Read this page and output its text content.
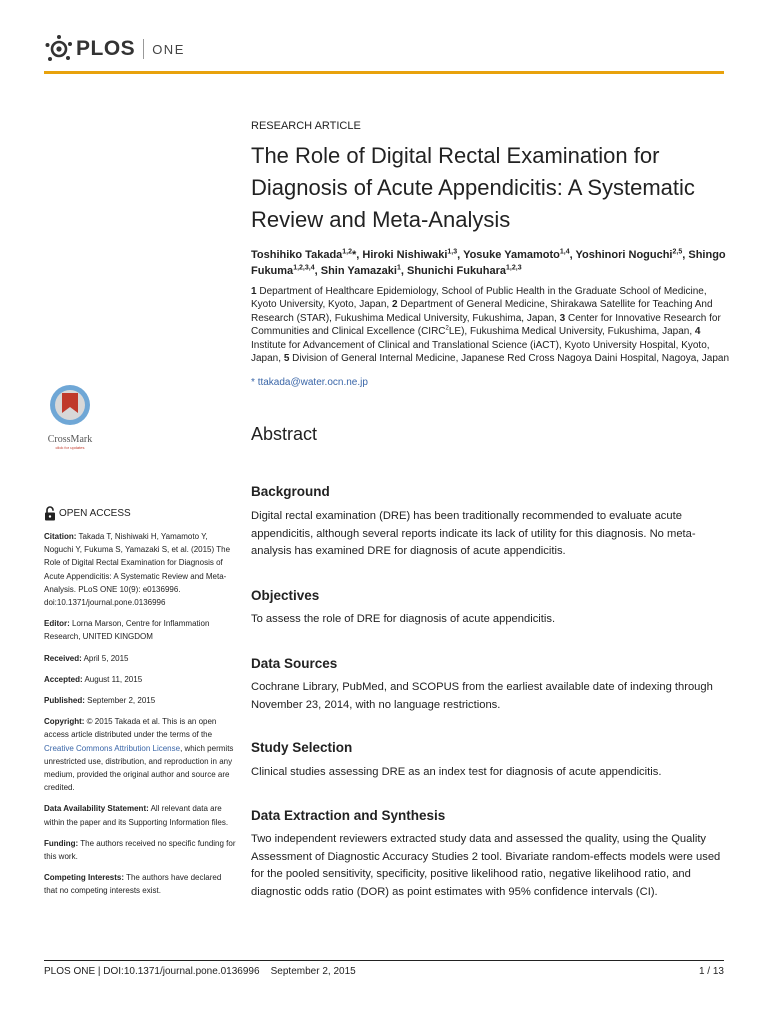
PLOS ONE
RESEARCH ARTICLE
The Role of Digital Rectal Examination for Diagnosis of Acute Appendicitis: A Systematic Review and Meta-Analysis
Toshihiko Takada$^{1,2}$*, Hiroki Nishiwaki$^{1,3}$, Yosuke Yamamoto$^{1,4}$, Yoshinori Noguchi$^{2,5}$, Shingo Fukuma$^{1,2,3,4}$, Shin Yamazaki$^1$, Shunichi Fukuhara$^{1,2,3}$
1 Department of Healthcare Epidemiology, School of Public Health in the Graduate School of Medicine, Kyoto University, Kyoto, Japan, 2 Department of General Medicine, Shirakawa Satellite for Teaching And Research (STAR), Fukushima Medical University, Fukushima, Japan, 3 Center for Innovative Research for Communities and Clinical Excellence (CIRC$^2$LE), Fukushima Medical University, Fukushima, Japan, 4 Institute for Advancement of Clinical and Translational Science (iACT), Kyoto University Hospital, Kyoto, Japan, 5 Division of General Internal Medicine, Japanese Red Cross Nagoya Daini Hospital, Nagoya, Japan
* ttakada@water.ocn.ne.jp
CrossMark
click for updates
OPEN ACCESS

Citation: Takada T, Nishiwaki H, Yamamoto Y, Noguchi Y, Fukuma S, Yamazaki S, et al. (2015) The Role of Digital Rectal Examination for Diagnosis of Acute Appendicitis: A Systematic Review and Meta-Analysis. PLoS ONE 10(9): e0136996. doi:10.1371/journal.pone.0136996

Editor: Lorna Marson, Centre for Inflammation Research, UNITED KINGDOM

Received: April 5, 2015

Accepted: August 11, 2015

Published: September 2, 2015

Copyright: © 2015 Takada et al. This is an open access article distributed under the terms of the Creative Commons Attribution License, which permits unrestricted use, distribution, and reproduction in any medium, provided the original author and source are credited.

Data Availability Statement: All relevant data are within the paper and its Supporting Information files.

Funding: The authors received no specific funding for this work.

Competing Interests: The authors have declared that no competing interests exist.

Abstract
Background
Digital rectal examination (DRE) has been traditionally recommended to evaluate acute appendicitis, although several reports indicate its lack of utility for this diagnosis. No meta-analysis has examined DRE for diagnosis of acute appendicitis.
Objectives
To assess the role of DRE for diagnosis of acute appendicitis.
Data Sources
Cochrane Library, PubMed, and SCOPUS from the earliest available date of indexing through November 23, 2014, with no language restrictions.
Study Selection
Clinical studies assessing DRE as an index test for diagnosis of acute appendicitis.
Data Extraction and Synthesis
Two independent reviewers extracted study data and assessed the quality, using the Quality Assessment of Diagnostic Accuracy Studies 2 tool. Bivariate random-effects models were used for the pooled sensitivity, specificity, positive likelihood ratio, negative likelihood ratio, and diagnostic odds ratio (DOR) as point estimates with 95% confidence intervals (CI).
PLOS ONE | DOI:10.1371/journal.pone.0136996    September 2, 2015	1 / 13
